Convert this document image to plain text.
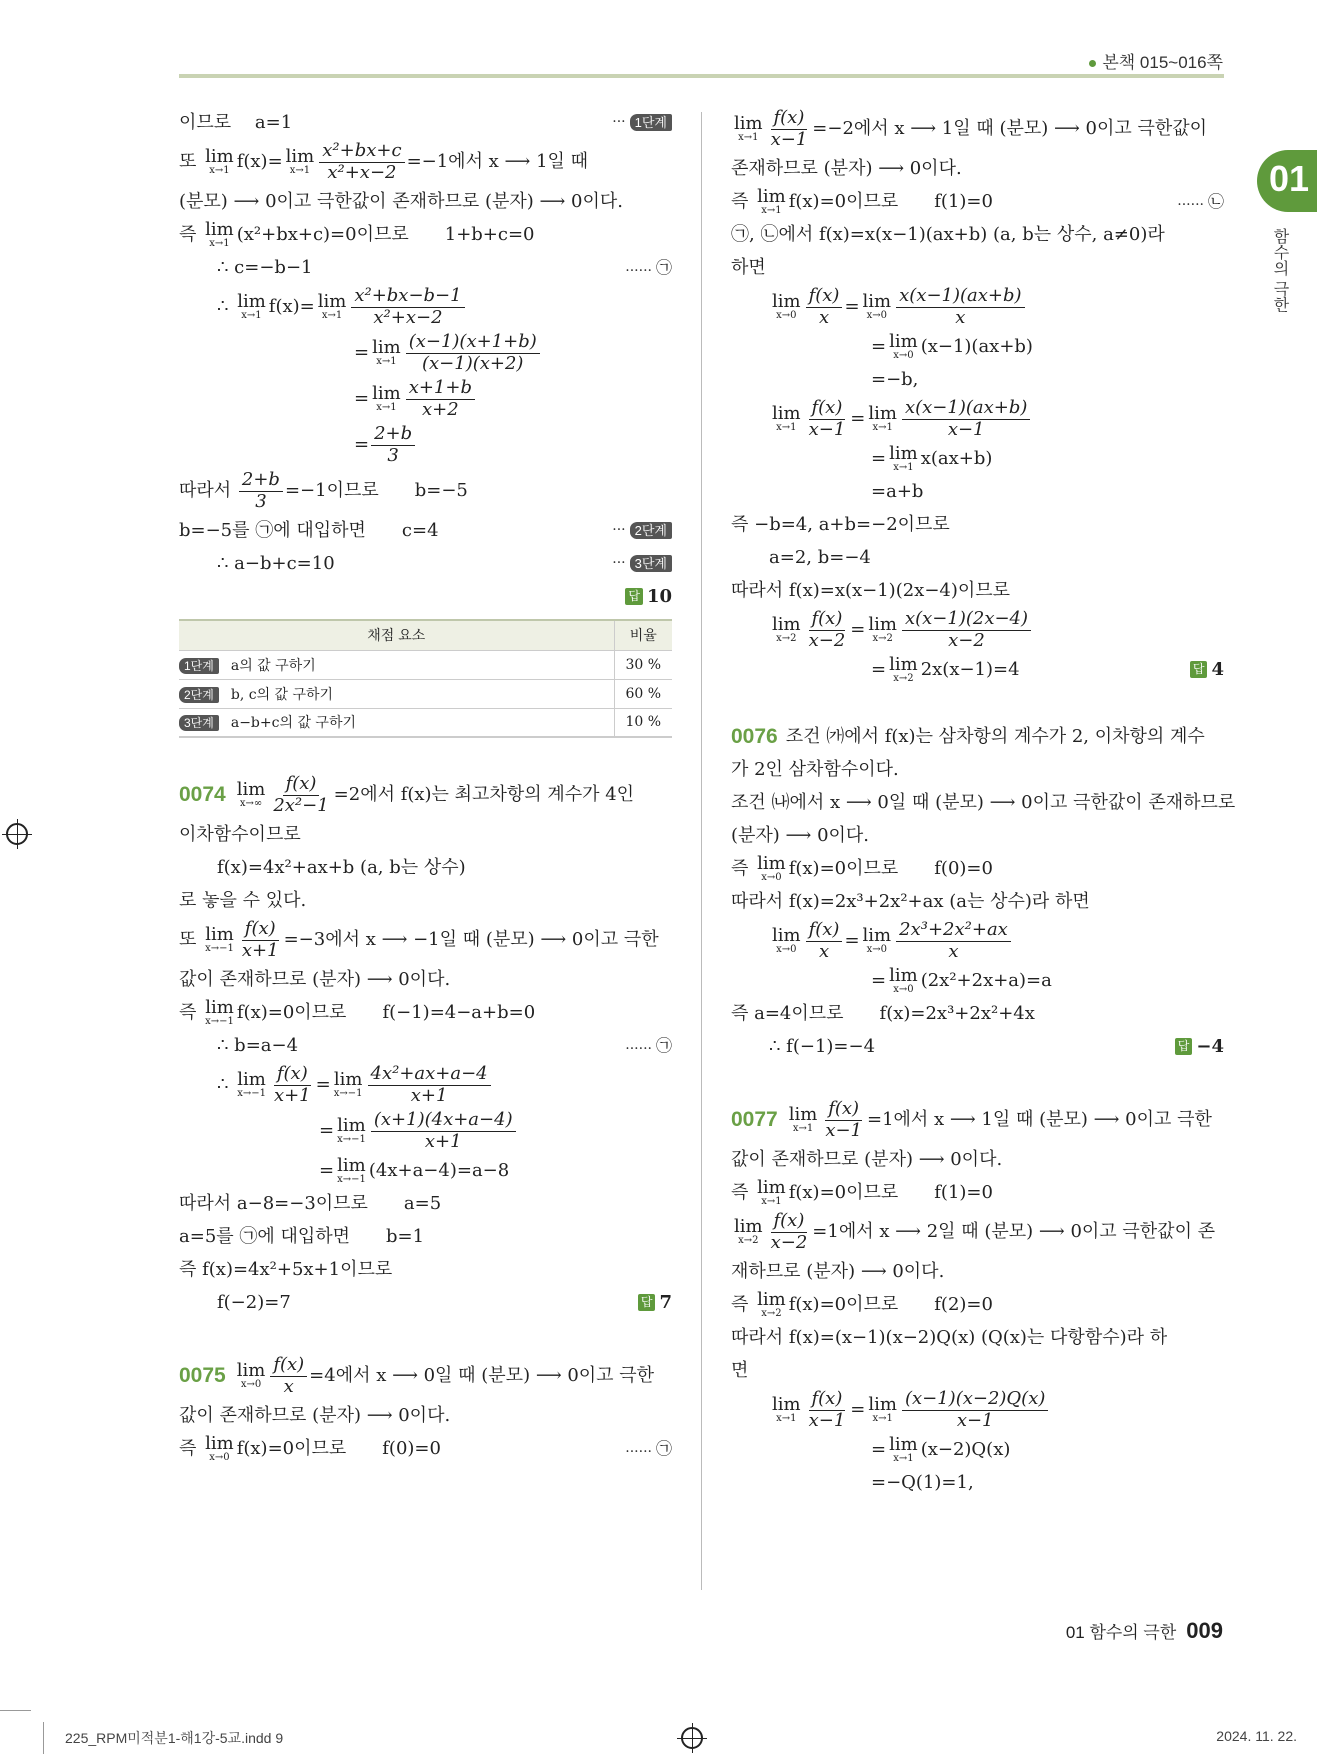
본책 015~016쪽
이므로　 a=1	··· 1단계
또 lim
x→1 f(x)= lim
$x\to 1 \frac{\text{x²+bx+c}}{\text{x²+x−2}} =-1$에서 x ⟶ 1일 때
(분모) ⟶ 0이고 극한값이 존재하므로 (분자) ⟶ 0이다.
즉 lim
x→1 (x²+bx+c)=0이므로　　1+b+c=0
∴ c=−b−1	...... ㉠
∴ lim
x→1 f(x)= lim
$x\to 1 \frac{\text{x²+bx−b−1}}{\text{x²+x−2}}$
= lim
$x\to 1 \frac{(x-1)(x+1+b)}{(x-1)(x+2)}$
= lim
$x\to 1 \frac{x+1+b}{x+2}$
= $\frac{2+b}{3}$
따라서 $\frac{2+b}{3} =-1$이므로　　b=−5
b=−5를 ㉠에 대입하면　　c=4	··· 2단계
∴ a−b+c=10	··· 3단계
답 10
채점 요소	비율
1단계 a의 값 구하기	30 %
2단계 b, c의 값 구하기	60 %
3단계 a−b+c의 값 구하기	10 %
0074 lim
$x\to\infty \frac{f(x)}{\text{2x²−1}} =2$에서 f(x)는 최고차항의 계수가 4인
이차함수이므로
f(x)=4x²+ax+b (a, b는 상수)
로 놓을 수 있다.
또 lim
$x\to-1 \frac{f(x)}{x+1} =-3$에서 x ⟶ −1일 때 (분모) ⟶ 0이고 극한
값이 존재하므로 (분자) ⟶ 0이다.
즉 lim
x→−1 f(x)=0이므로　　f(−1)=4−a+b=0
∴ b=a−4	...... ㉠
∴ lim
$x\to-1 \frac{f(x)}{x+1} = \lim$
$x\to-1 \frac{\text{4x²+ax+a−4}}{x+1}$
= lim
$x\to-1 \frac{(x+1)(4x+a-4)}{x+1}$
= lim
x→−1 (4x+a−4)=a−8
따라서 a−8=−3이므로　　a=5
a=5를 ㉠에 대입하면　　b=1
즉 f(x)=4x²+5x+1이므로
f(−2)=7	답 7
0075 lim
$x\to 0 \frac{f(x)}{x} =4$에서 x ⟶ 0일 때 (분모) ⟶ 0이고 극한
값이 존재하므로 (분자) ⟶ 0이다.
즉 lim
x→0 f(x)=0이므로　　f(0)=0	...... ㉠
lim
$x\to 1 \frac{f(x)}{x-1} =-2$에서 x ⟶ 1일 때 (분모) ⟶ 0이고 극한값이
존재하므로 (분자) ⟶ 0이다.
즉 lim
x→1 f(x)=0이므로　　f(1)=0	...... ㉡
㉠, ㉡에서 f(x)=x(x−1)(ax+b) (a, b는 상수, a≠0)라
하면
lim
$x\to 0 \frac{f(x)}{x} = \lim$
$x\to 0 \frac{x(x-1)(ax+b)}{x}$
= lim
x→0 (x−1)(ax+b)
=−b,
lim
$x\to 1 \frac{f(x)}{x-1} = \lim$
$x\to 1 \frac{x(x-1)(ax+b)}{x-1}$
= lim
x→1 x(ax+b)
=a+b
즉 −b=4, a+b=−2이므로
a=2, b=−4
따라서 f(x)=x(x−1)(2x−4)이므로
lim
$x\to 2 \frac{f(x)}{x-2} = \lim$
$x\to 2 \frac{x(x-1)(2x-4)}{x-2}$
= lim
x→2 2x(x−1)=4	답 4
0076 조건 ㈎에서 f(x)는 삼차항의 계수가 2, 이차항의 계수
가 2인 삼차함수이다.
조건 ㈏에서 x ⟶ 0일 때 (분모) ⟶ 0이고 극한값이 존재하므로
(분자) ⟶ 0이다.
즉 lim
x→0 f(x)=0이므로　　f(0)=0
따라서 f(x)=2x³+2x²+ax (a는 상수)라 하면
lim
$x\to 0 \frac{f(x)}{x} = \lim$
$x\to 0 \frac{\text{2x³+2x²+ax}}{x}$
= lim
x→0 (2x²+2x+a)=a
즉 a=4이므로　　f(x)=2x³+2x²+4x
∴ f(−1)=−4	답 −4
0077 lim
$x\to 1 \frac{f(x)}{x-1} =1$에서 x ⟶ 1일 때 (분모) ⟶ 0이고 극한
값이 존재하므로 (분자) ⟶ 0이다.
즉 lim
x→1 f(x)=0이므로　　f(1)=0
lim
$x\to 2 \frac{f(x)}{x-2} =1$에서 x ⟶ 2일 때 (분모) ⟶ 0이고 극한값이 존
재하므로 (분자) ⟶ 0이다.
즉 lim
x→2 f(x)=0이므로　　f(2)=0
따라서 f(x)=(x−1)(x−2)Q(x) (Q(x)는 다항함수)라 하
면
lim
$x\to 1 \frac{f(x)}{x-1} = \lim$
$x\to 1 \frac{(x-1)(x-2)Q(x)}{x-1}$
= lim
x→1 (x−2)Q(x)
=−Q(1)=1,
01
함수의 극한
01 함수의 극한 009
225_RPM미적분1-해1강-5교.indd 9	2024. 11. 22.
